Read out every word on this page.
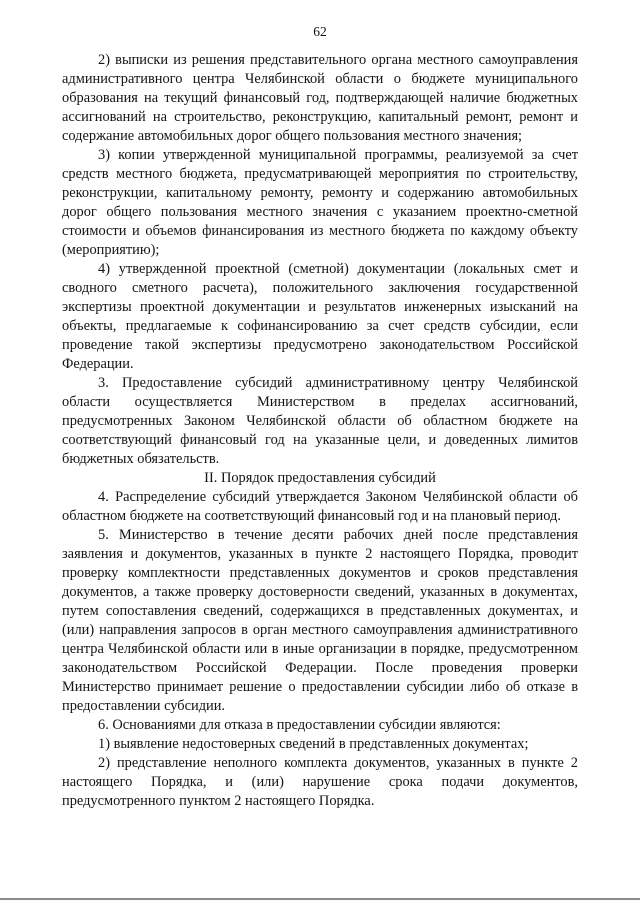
62

2) выписки из решения представительного органа местного самоуправления административного центра Челябинской области о бюджете муниципального образования на текущий финансовый год, подтверждающей наличие бюджетных ассигнований на строительство, реконструкцию, капитальный ремонт, ремонт и содержание автомобильных дорог общего пользования местного значения;

3) копии утвержденной муниципальной программы, реализуемой за счет средств местного бюджета, предусматривающей мероприятия по строительству, реконструкции, капитальному ремонту, ремонту и содержанию автомобильных дорог общего пользования местного значения с указанием проектно-сметной стоимости и объемов финансирования из местного бюджета по каждому объекту (мероприятию);

4) утвержденной проектной (сметной) документации (локальных смет и сводного сметного расчета), положительного заключения государственной экспертизы проектной документации и результатов инженерных изысканий на объекты, предлагаемые к софинансированию за счет средств субсидии, если проведение такой экспертизы предусмотрено законодательством Российской Федерации.

3. Предоставление субсидий административному центру Челябинской области осуществляется Министерством в пределах ассигнований, предусмотренных Законом Челябинской области об областном бюджете на соответствующий финансовый год на указанные цели, и доведенных лимитов бюджетных обязательств.

II. Порядок предоставления субсидий

4. Распределение субсидий утверждается Законом Челябинской области об областном бюджете на соответствующий финансовый год и на плановый период.

5. Министерство в течение десяти рабочих дней после представления заявления и документов, указанных в пункте 2 настоящего Порядка, проводит проверку комплектности представленных документов и сроков представления документов, а также проверку достоверности сведений, указанных в документах, путем сопоставления сведений, содержащихся в представленных документах, и (или) направления запросов в орган местного самоуправления административного центра Челябинской области или в иные организации в порядке, предусмотренном законодательством Российской Федерации. После проведения проверки Министерство принимает решение о предоставлении субсидии либо об отказе в предоставлении субсидии.

6. Основаниями для отказа в предоставлении субсидии являются:

1) выявление недостоверных сведений в представленных документах;

2) представление неполного комплекта документов, указанных в пункте 2 настоящего Порядка, и (или) нарушение срока подачи документов, предусмотренного пунктом 2 настоящего Порядка.
